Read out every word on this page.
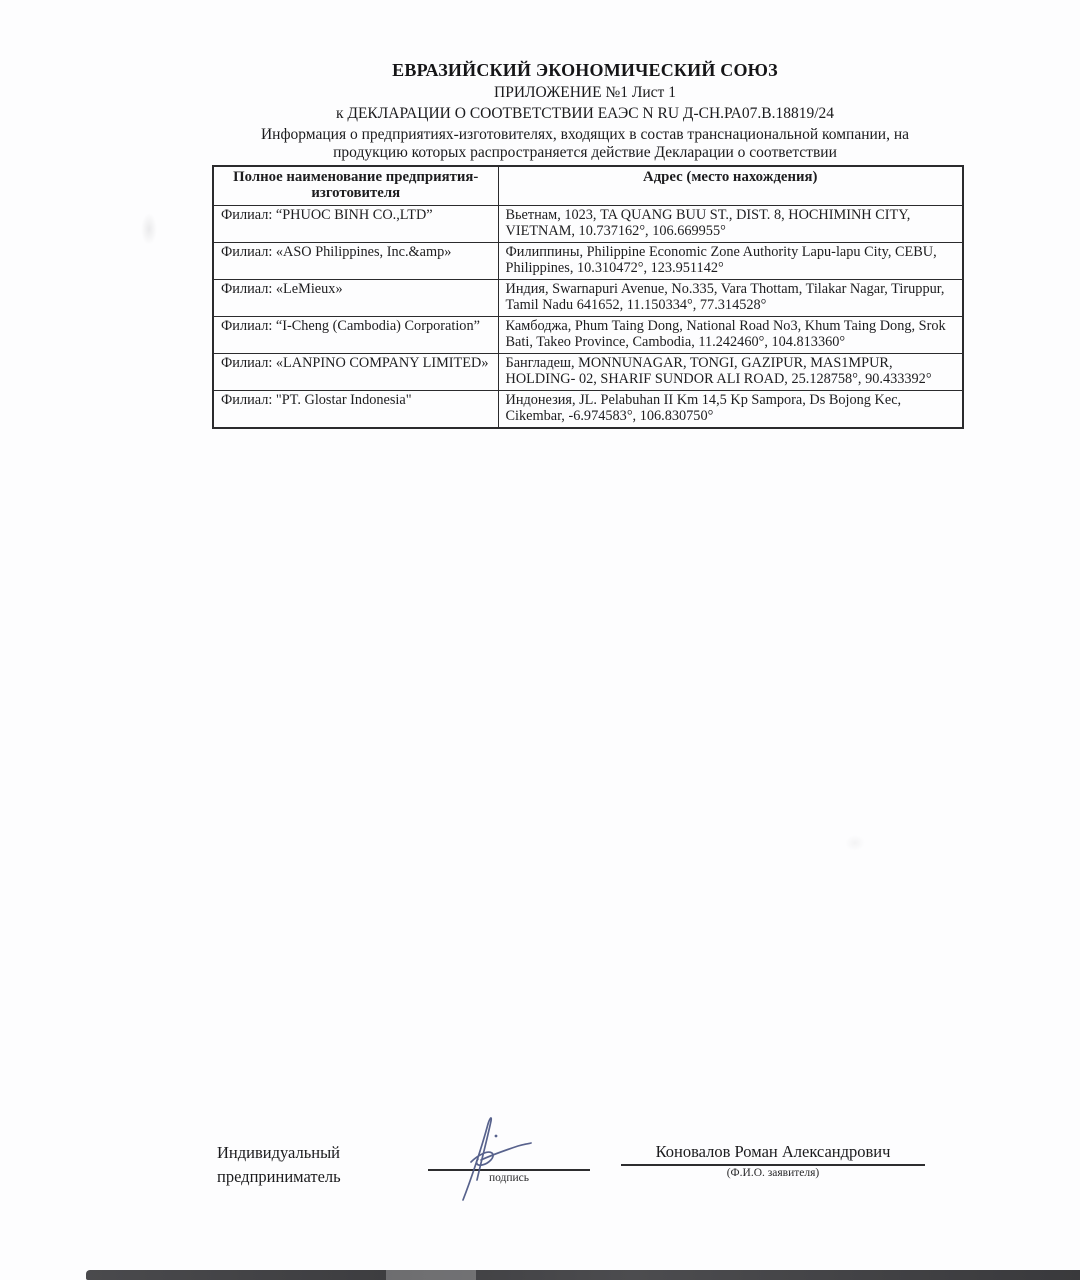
ЕВРАЗИЙСКИЙ ЭКОНОМИЧЕСКИЙ СОЮЗ
ПРИЛОЖЕНИЕ №1 Лист 1
к ДЕКЛАРАЦИИ О СООТВЕТСТВИИ ЕАЭС N RU Д-СН.РА07.В.18819/24
Информация о предприятиях-изготовителях, входящих в состав транснациональной компании, на продукцию которых распространяется действие Декларации о соответствии
Полное наименование предприятия-изготовителя	Адрес (место нахождения)
Филиал: “PHUOC BINH CO.,LTD”	Вьетнам, 1023, TA QUANG BUU ST., DIST. 8, HOCHIMINH CITY, VIETNAM, 10.737162°, 106.669955°
Филиал: «ASO Philippines, Inc.&amp»	Филиппины, Philippine Economic Zone Authority Lapu-lapu City, CEBU, Philippines, 10.310472°, 123.951142°
Филиал: «LeMieux»	Индия, Swarnapuri Avenue, No.335, Vara Thottam, Tilakar Nagar, Tiruppur, Tamil Nadu 641652, 11.150334°, 77.314528°
Филиал: “I-Cheng (Cambodia) Corporation”	Камбоджа, Phum Taing Dong, National Road No3, Khum Taing Dong, Srok Bati, Takeo Province, Cambodia, 11.242460°, 104.813360°
Филиал: «LANPINO COMPANY LIMITED»	Бангладеш, MONNUNAGAR, TONGI, GAZIPUR, MAS1MPUR, HOLDING- 02, SHARIF SUNDOR ALI ROAD, 25.128758°, 90.433392°
Филиал: "PT. Glostar Indonesia"	Индонезия, JL. Pelabuhan II Km 14,5 Kp Sampora, Ds Bojong Kec, Cikembar, -6.974583°, 106.830750°
Индивидуальный предприниматель	подпись
Коновалов Роман Александрович
(Ф.И.О. заявителя)
